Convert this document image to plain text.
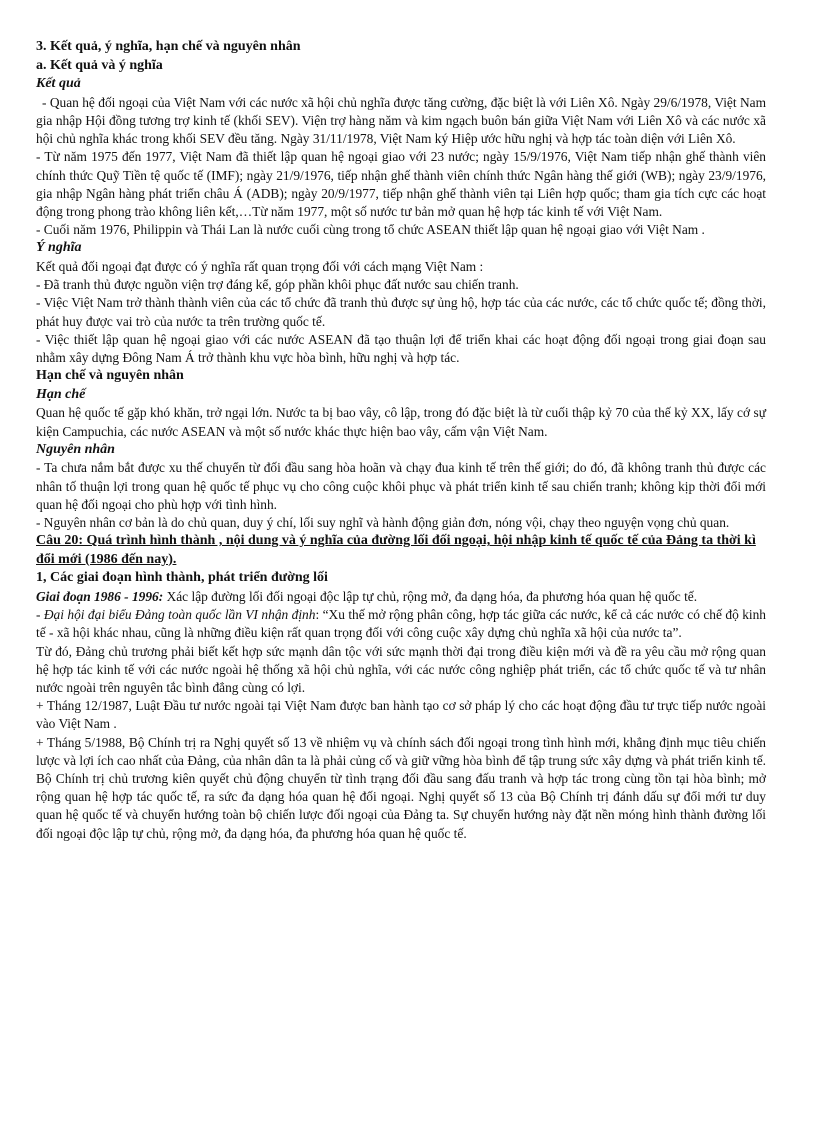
3. Kết quả, ý nghĩa, hạn chế và nguyên nhân

a. Kết quả và ý nghĩa

Kết quả

- Quan hệ đối ngoại của Việt Nam với các nước xã hội chủ nghĩa được tăng cường, đặc biệt là với Liên Xô. Ngày 29/6/1978, Việt Nam gia nhập Hội đồng tương trợ kinh tế (khối SEV). Viện trợ hàng năm và kim ngạch buôn bán giữa Việt Nam với Liên Xô và các nước xã hội chủ nghĩa khác trong khối SEV đều tăng. Ngày 31/11/1978, Việt Nam ký Hiệp ước hữu nghị và hợp tác toàn diện với Liên Xô.

- Từ năm 1975 đến 1977, Việt Nam đã thiết lập quan hệ ngoại giao với 23 nước; ngày 15/9/1976, Việt Nam tiếp nhận ghế thành viên chính thức Quỹ Tiền tệ quốc tế (IMF); ngày 21/9/1976, tiếp nhận ghế thành viên chính thức Ngân hàng thế giới (WB); ngày 23/9/1976, gia nhập Ngân hàng phát triển châu Á (ADB); ngày 20/9/1977, tiếp nhận ghế thành viên tại Liên hợp quốc; tham gia tích cực các hoạt động trong phong trào không liên kết,…Từ năm 1977, một số nước tư bản mở quan hệ hợp tác kinh tế với Việt Nam.

- Cuối năm 1976, Philippin và Thái Lan là nước cuối cùng trong tổ chức ASEAN thiết lập quan hệ ngoại giao với Việt Nam .

Ý nghĩa

Kết quả đối ngoại đạt được có ý nghĩa rất quan trọng đối với cách mạng Việt Nam :

- Đã tranh thủ được nguồn viện trợ đáng kể, góp phần khôi phục đất nước sau chiến tranh.

- Việc Việt Nam trở thành thành viên của các tổ chức đã tranh thủ được sự ủng hộ, hợp tác của các nước, các tổ chức quốc tế; đồng thời, phát huy được vai trò của nước ta trên trường quốc tế.

- Việc thiết lập quan hệ ngoại giao với các nước ASEAN đã tạo thuận lợi để triển khai các hoạt động đối ngoại trong giai đoạn sau nhằm xây dựng Đông Nam Á trở thành khu vực hòa bình, hữu nghị và hợp tác.

Hạn chế và nguyên nhân

Hạn chế

Quan hệ quốc tế gặp khó khăn, trở ngại lớn. Nước ta bị bao vây, cô lập, trong đó đặc biệt là từ cuối thập kỷ 70 của thế kỷ XX, lấy cớ sự kiện Campuchia, các nước ASEAN và một số nước khác thực hiện bao vây, cấm vận Việt Nam.

Nguyên nhân

- Ta chưa nắm bắt được xu thế chuyển từ đối đầu sang hòa hoãn và chạy đua kinh tế trên thế giới; do đó, đã không tranh thủ được các nhân tố thuận lợi trong quan hệ quốc tế phục vụ cho công cuộc khôi phục và phát triển kinh tế sau chiến tranh; không kịp thời đổi mới quan hệ đối ngoại cho phù hợp với tình hình.

- Nguyên nhân cơ bản là do chủ quan, duy ý chí, lối suy nghĩ và hành động giản đơn, nóng vội, chạy theo nguyện vọng chủ quan.

Câu 20: Quá trình hình thành , nội dung và ý nghĩa của đường lối đối ngoại, hội nhập kinh tế quốc tế của Đảng ta thời kì đổi mới (1986 đến nay).

1, Các giai đoạn hình thành, phát triển đường lối

Giai đoạn 1986 - 1996: Xác lập đường lối đối ngoại độc lập tự chủ, rộng mở, đa dạng hóa, đa phương hóa quan hệ quốc tế.

- Đại hội đại biểu Đảng toàn quốc lần VI nhận định: “Xu thế mở rộng phân công, hợp tác giữa các nước, kể cả các nước có chế độ kinh tế - xã hội khác nhau, cũng là những điều kiện rất quan trọng đối với công cuộc xây dựng chủ nghĩa xã hội của nước ta”.

Từ đó, Đảng chủ trương phải biết kết hợp sức mạnh dân tộc với sức mạnh thời đại trong điều kiện mới và đề ra yêu cầu mở rộng quan hệ hợp tác kinh tế với các nước ngoài hệ thống xã hội chủ nghĩa, với các nước công nghiệp phát triển, các tổ chức quốc tế và tư nhân nước ngoài trên nguyên tắc bình đẳng cùng có lợi.

+ Tháng 12/1987, Luật Đầu tư nước ngoài tại Việt Nam được ban hành tạo cơ sở pháp lý cho các hoạt động đầu tư trực tiếp nước ngoài vào Việt Nam .

+ Tháng 5/1988, Bộ Chính trị ra Nghị quyết số 13 về nhiệm vụ và chính sách đối ngoại trong tình hình mới, khẳng định mục tiêu chiến lược và lợi ích cao nhất của Đảng, của nhân dân ta là phải củng cố và giữ vững hòa bình để tập trung sức xây dựng và phát triển kinh tế. Bộ Chính trị chủ trương kiên quyết chủ động chuyển từ tình trạng đối đầu sang đấu tranh và hợp tác trong cùng tồn tại hòa bình; mở rộng quan hệ hợp tác quốc tế, ra sức đa dạng hóa quan hệ đối ngoại. Nghị quyết số 13 của Bộ Chính trị đánh dấu sự đổi mới tư duy quan hệ quốc tế và chuyển hướng toàn bộ chiến lược đối ngoại của Đảng ta. Sự chuyển hướng này đặt nền móng hình thành đường lối đối ngoại độc lập tự chủ, rộng mở, đa dạng hóa, đa phương hóa quan hệ quốc tế.
